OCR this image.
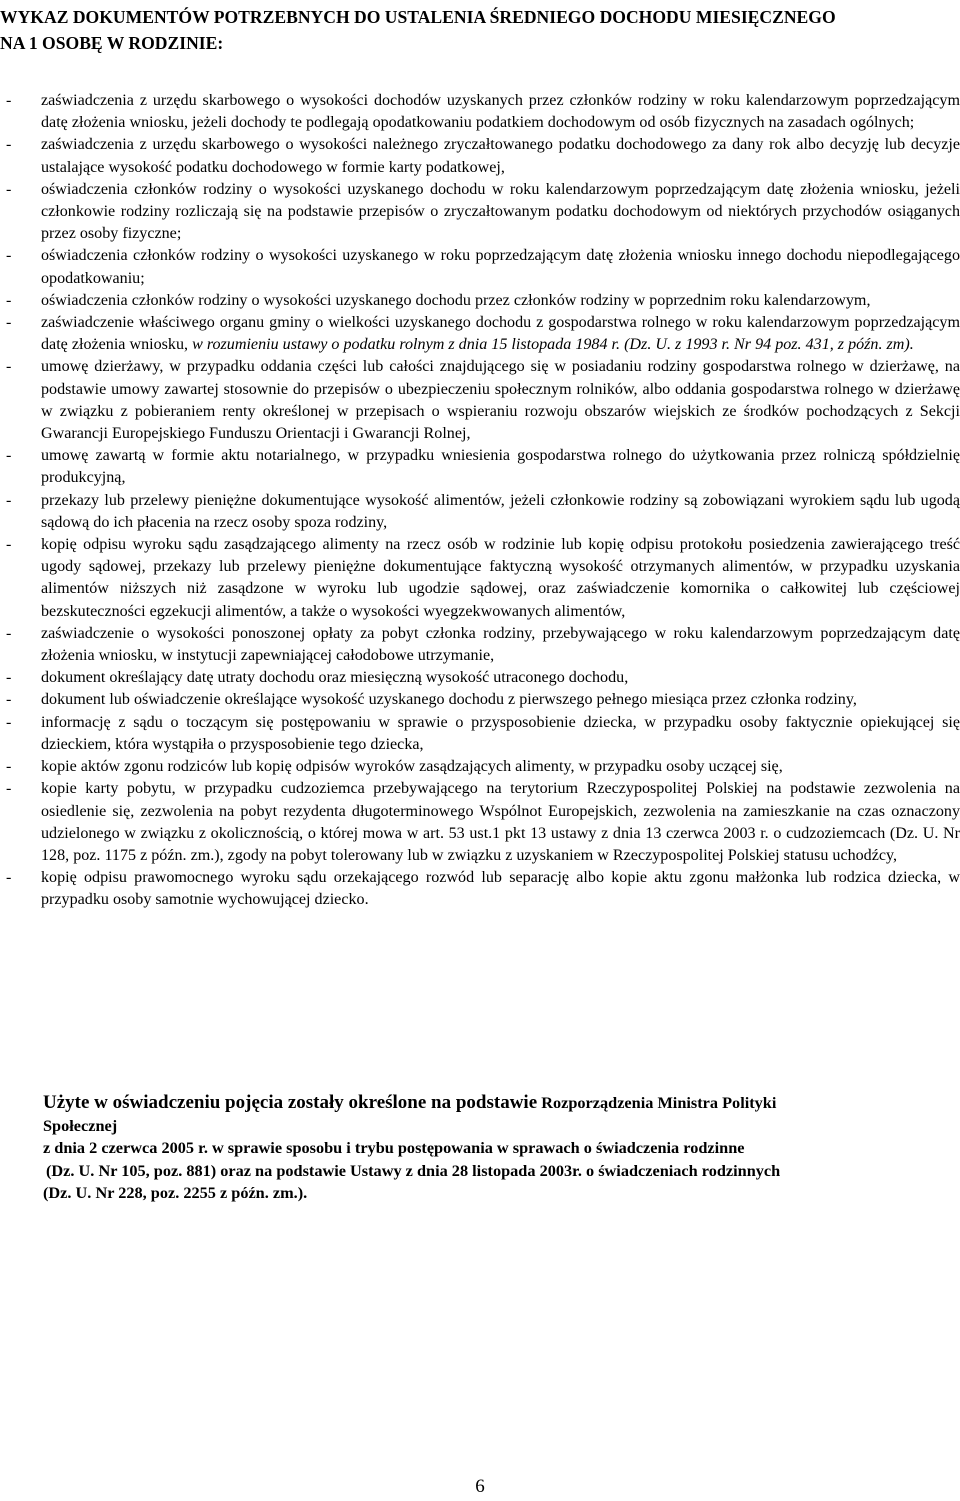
WYKAZ DOKUMENTÓW POTRZEBNYCH DO USTALENIA ŚREDNIEGO DOCHODU MIESIĘCZNEGO
NA 1 OSOBĘ W RODZINIE:
- zaświadczenia z urzędu skarbowego o wysokości dochodów uzyskanych przez członków rodziny w roku kalendarzowym poprzedzającym datę złożenia wniosku, jeżeli dochody te podlegają opodatkowaniu podatkiem dochodowym od osób fizycznych na zasadach ogólnych;
- zaświadczenia z urzędu skarbowego o wysokości należnego zryczałtowanego podatku dochodowego za dany rok albo decyzję lub decyzje ustalające wysokość podatku dochodowego w formie karty podatkowej,
- oświadczenia członków rodziny o wysokości uzyskanego dochodu w roku kalendarzowym poprzedzającym datę złożenia wniosku, jeżeli członkowie rodziny rozliczają się na podstawie przepisów o zryczałtowanym podatku dochodowym od niektórych przychodów osiąganych przez osoby fizyczne;
- oświadczenia członków rodziny o wysokości uzyskanego w roku poprzedzającym datę złożenia wniosku innego dochodu niepodlegającego opodatkowaniu;
- oświadczenia członków rodziny o wysokości uzyskanego dochodu przez członków rodziny w poprzednim roku kalendarzowym,
- zaświadczenie właściwego organu gminy o wielkości uzyskanego dochodu z gospodarstwa rolnego w roku kalendarzowym poprzedzającym datę złożenia wniosku, w rozumieniu ustawy o podatku rolnym z dnia 15 listopada 1984 r. (Dz. U. z 1993 r. Nr 94 poz. 431, z późn. zm).
- umowę dzierżawy, w przypadku oddania części lub całości znajdującego się w posiadaniu rodziny gospodarstwa rolnego w dzierżawę, na podstawie umowy zawartej stosownie do przepisów o ubezpieczeniu społecznym rolników, albo oddania gospodarstwa rolnego w dzierżawę w związku z pobieraniem renty określonej w przepisach o wspieraniu rozwoju obszarów wiejskich ze środków pochodzących z Sekcji Gwarancji Europejskiego Funduszu Orientacji i Gwarancji Rolnej,
- umowę zawartą w formie aktu notarialnego, w przypadku wniesienia gospodarstwa rolnego do użytkowania przez rolniczą spółdzielnię produkcyjną,
- przekazy lub przelewy pieniężne dokumentujące wysokość alimentów, jeżeli członkowie rodziny są zobowiązani wyrokiem sądu lub ugodą sądową do ich płacenia na rzecz osoby spoza rodziny,
- kopię odpisu wyroku sądu zasądzającego alimenty na rzecz osób w rodzinie lub kopię odpisu protokołu posiedzenia zawierającego treść ugody sądowej, przekazy lub przelewy pieniężne dokumentujące faktyczną wysokość otrzymanych alimentów, w przypadku uzyskania alimentów niższych niż zasądzone w wyroku lub ugodzie sądowej, oraz zaświadczenie komornika o całkowitej lub częściowej bezskuteczności egzekucji alimentów, a także o wysokości wyegzekwowanych alimentów,
- zaświadczenie o wysokości ponoszonej opłaty za pobyt członka rodziny, przebywającego w roku kalendarzowym poprzedzającym datę złożenia wniosku, w instytucji zapewniającej całodobowe utrzymanie,
- dokument określający datę utraty dochodu oraz miesięczną wysokość utraconego dochodu,
- dokument lub oświadczenie określające wysokość uzyskanego dochodu z pierwszego pełnego miesiąca przez członka rodziny,
- informację z sądu o toczącym się postępowaniu w sprawie o przysposobienie dziecka, w przypadku osoby faktycznie opiekującej się dzieckiem, która wystąpiła o przysposobienie tego dziecka,
- kopie aktów zgonu rodziców lub kopię odpisów wyroków zasądzających alimenty, w przypadku osoby uczącej się,
- kopie karty pobytu, w przypadku cudzoziemca przebywającego na terytorium Rzeczypospolitej Polskiej na podstawie zezwolenia na osiedlenie się, zezwolenia na pobyt rezydenta długoterminowego Wspólnot Europejskich, zezwolenia na zamieszkanie na czas oznaczony udzielonego w związku z okolicznością, o której mowa w art. 53 ust.1 pkt 13 ustawy z dnia 13 czerwca 2003 r. o cudzoziemcach (Dz. U. Nr 128, poz. 1175 z późn. zm.), zgody na pobyt tolerowany lub w związku z uzyskaniem w Rzeczypospolitej Polskiej statusu uchodźcy,
- kopię odpisu prawomocnego wyroku sądu orzekającego rozwód lub separację albo kopie aktu zgonu małżonka lub rodzica dziecka, w przypadku osoby samotnie wychowującej dziecko.
Użyte w oświadczeniu pojęcia zostały określone na podstawie Rozporządzenia Ministra Polityki
Społecznej
z dnia 2 czerwca 2005 r. w sprawie sposobu i trybu postępowania w sprawach o świadczenia rodzinne
(Dz. U. Nr 105, poz. 881) oraz na podstawie Ustawy z dnia 28 listopada 2003r. o świadczeniach rodzinnych
(Dz. U. Nr 228, poz. 2255 z późn. zm.).
6
